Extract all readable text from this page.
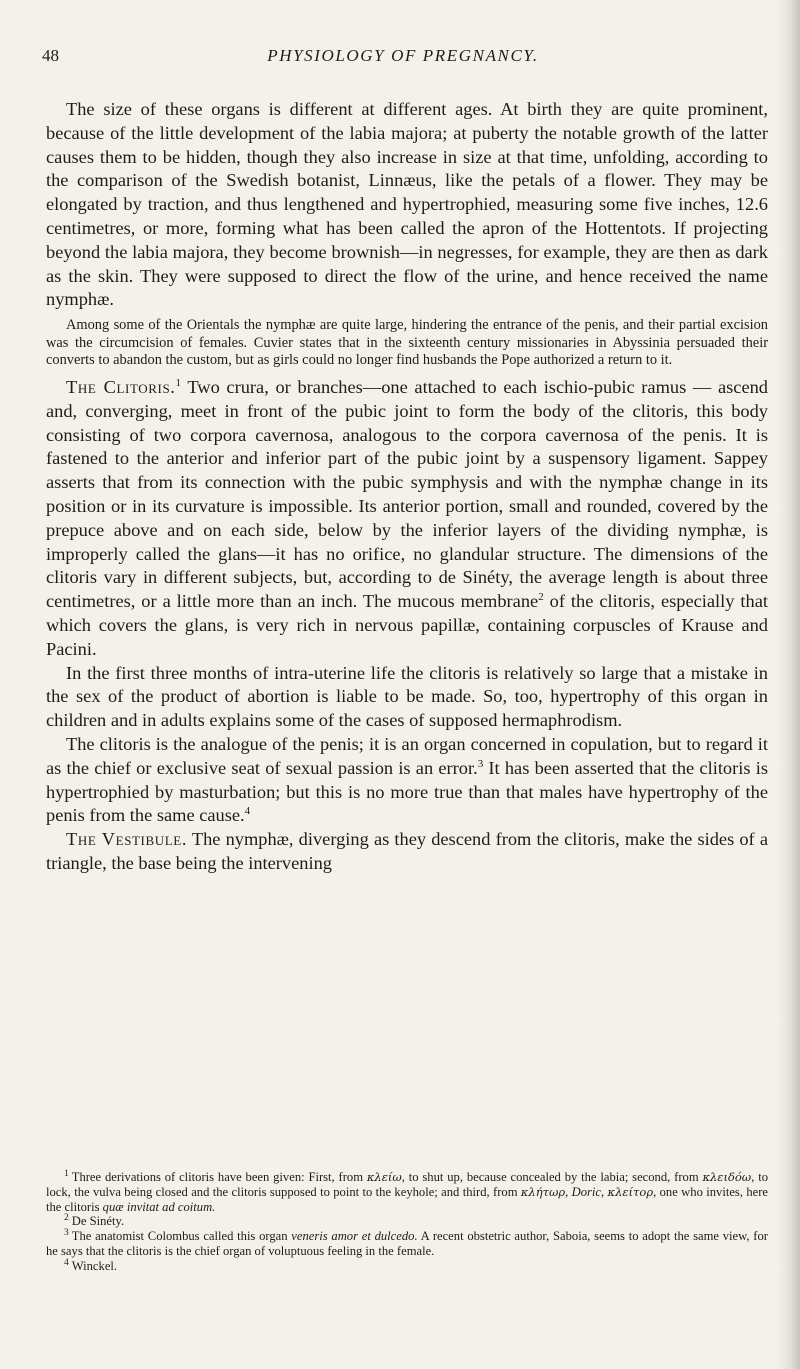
48	PHYSIOLOGY OF PREGNANCY.

The size of these organs is different at different ages. At birth they are quite prominent, because of the little development of the labia majora; at puberty the notable growth of the latter causes them to be hidden, though they also increase in size at that time, unfolding, according to the comparison of the Swedish botanist, Linnæus, like the petals of a flower. They may be elongated by traction, and thus lengthened and hypertrophied, measuring some five inches, 12.6 centimetres, or more, forming what has been called the apron of the Hottentots. If projecting beyond the labia majora, they become brownish—in negresses, for example, they are then as dark as the skin. They were supposed to direct the flow of the urine, and hence received the name nymphæ.

Among some of the Orientals the nymphæ are quite large, hindering the entrance of the penis, and their partial excision was the circumcision of females. Cuvier states that in the sixteenth century missionaries in Abyssinia persuaded their converts to abandon the custom, but as girls could no longer find husbands the Pope authorized a return to it.

The Clitoris.$^1$ Two crura, or branches—one attached to each ischio-pubic ramus — ascend and, converging, meet in front of the pubic joint to form the body of the clitoris, this body consisting of two corpora cavernosa, analogous to the corpora cavernosa of the penis. It is fastened to the anterior and inferior part of the pubic joint by a suspensory ligament. Sappey asserts that from its connection with the pubic symphysis and with the nymphæ change in its position or in its curvature is impossible. Its anterior portion, small and rounded, covered by the prepuce above and on each side, below by the inferior layers of the dividing nymphæ, is improperly called the glans—it has no orifice, no glandular structure. The dimensions of the clitoris vary in different subjects, but, according to de Sinéty, the average length is about three centimetres, or a little more than an inch. The mucous membrane$^2$ of the clitoris, especially that which covers the glans, is very rich in nervous papillæ, containing corpuscles of Krause and Pacini.

In the first three months of intra-uterine life the clitoris is relatively so large that a mistake in the sex of the product of abortion is liable to be made. So, too, hypertrophy of this organ in children and in adults explains some of the cases of supposed hermaphrodism.

The clitoris is the analogue of the penis; it is an organ concerned in copulation, but to regard it as the chief or exclusive seat of sexual passion is an error.$^3$ It has been asserted that the clitoris is hypertrophied by masturbation; but this is no more true than that males have hypertrophy of the penis from the same cause.$^4$

The Vestibule. The nymphæ, diverging as they descend from the clitoris, make the sides of a triangle, the base being the intervening

$^1$ Three derivations of clitoris have been given: First, from κλείω, to shut up, because concealed by the labia; second, from κλειδόω, to lock, the vulva being closed and the clitoris supposed to point to the keyhole; and third, from κλήτωρ, Doric, κλείτορ, one who invites, here the clitoris quæ invitat ad coitum.

$^2$ De Sinéty.

$^3$ The anatomist Colombus called this organ veneris amor et dulcedo. A recent obstetric author, Saboia, seems to adopt the same view, for he says that the clitoris is the chief organ of voluptuous feeling in the female.

$^4$ Winckel.
